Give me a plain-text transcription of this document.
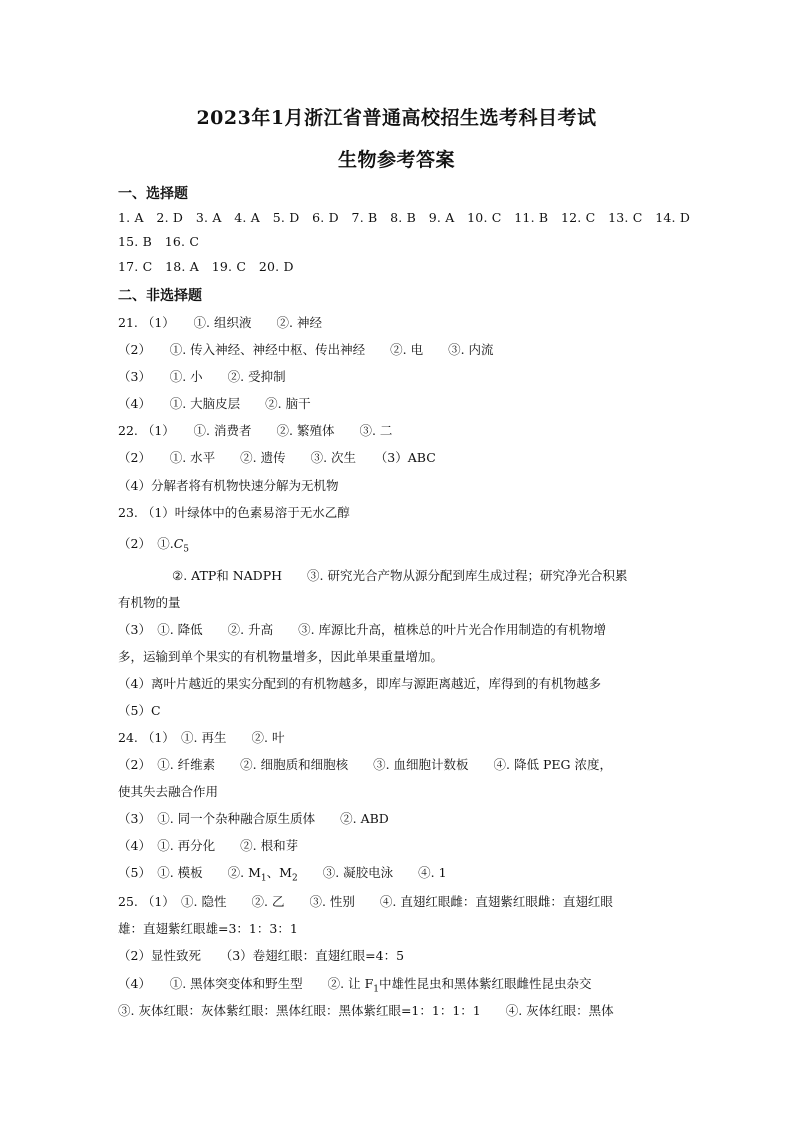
2023年1月浙江省普通高校招生选考科目考试
生物参考答案
一、选择题
1. A　2. D　3. A　4. A　5. D　6. D　7. B　8. B　9. A　10. C　11. B　12. C　13. C　14. D
15. B　16. C
17. C　18. A　19. C　20. D
二、非选择题
21. （1）　　①. 组织液　　②. 神经
（2）　　①. 传入神经、神经中枢、传出神经　　②. 电　　③. 内流
（3）　　①. 小　　②. 受抑制
（4）　　①. 大脑皮层　　②. 脑干
22. （1）　　①. 消费者　　②. 繁殖体　　③. 二
（2）　　①. 水平　　②. 遗传　　③. 次生　　（3）ABC
（4）分解者将有机物快速分解为无机物
23. （1）叶绿体中的色素易溶于无水乙醇
（2）　$①.C_5$
②. ATP和 NADPH　　③. 研究光合产物从源分配到库生成过程；研究净光合积累
有机物的量
（3）　①. 降低　　②. 升高　　③. 库源比升高，植株总的叶片光合作用制造的有机物增
多，运输到单个果实的有机物量增多，因此单果重量增加。
（4）离叶片越近的果实分配到的有机物越多，即库与源距离越近，库得到的有机物越多
（5）C
24. （1）　①. 再生　　②. 叶
（2）　①. 纤维素　　②. 细胞质和细胞核　　③. 血细胞计数板　　④. 降低 PEG 浓度，
使其失去融合作用
（3）　①. 同一个杂种融合原生质体　　②. ABD
（4）　①. 再分化　　②. 根和芽
（5）　①. 模板　　②. $M_1$、$M_2$　　③. 凝胶电泳　　④. 1
25. （1）　①. 隐性　　②. 乙　　③. 性别　　④. 直翅红眼雌：直翅紫红眼雌：直翅红眼
雄：直翅紫红眼雄=3：1：3：1
（2）显性致死　　（3）卷翅红眼：直翅红眼=4：5
（4）　　①. 黑体突变体和野生型　　②. 让 $F_1$中雄性昆虫和黑体紫红眼雌性昆虫杂交
③. 灰体红眼：灰体紫红眼：黑体红眼：黑体紫红眼=1：1：1：1　　④. 灰体红眼：黑体
